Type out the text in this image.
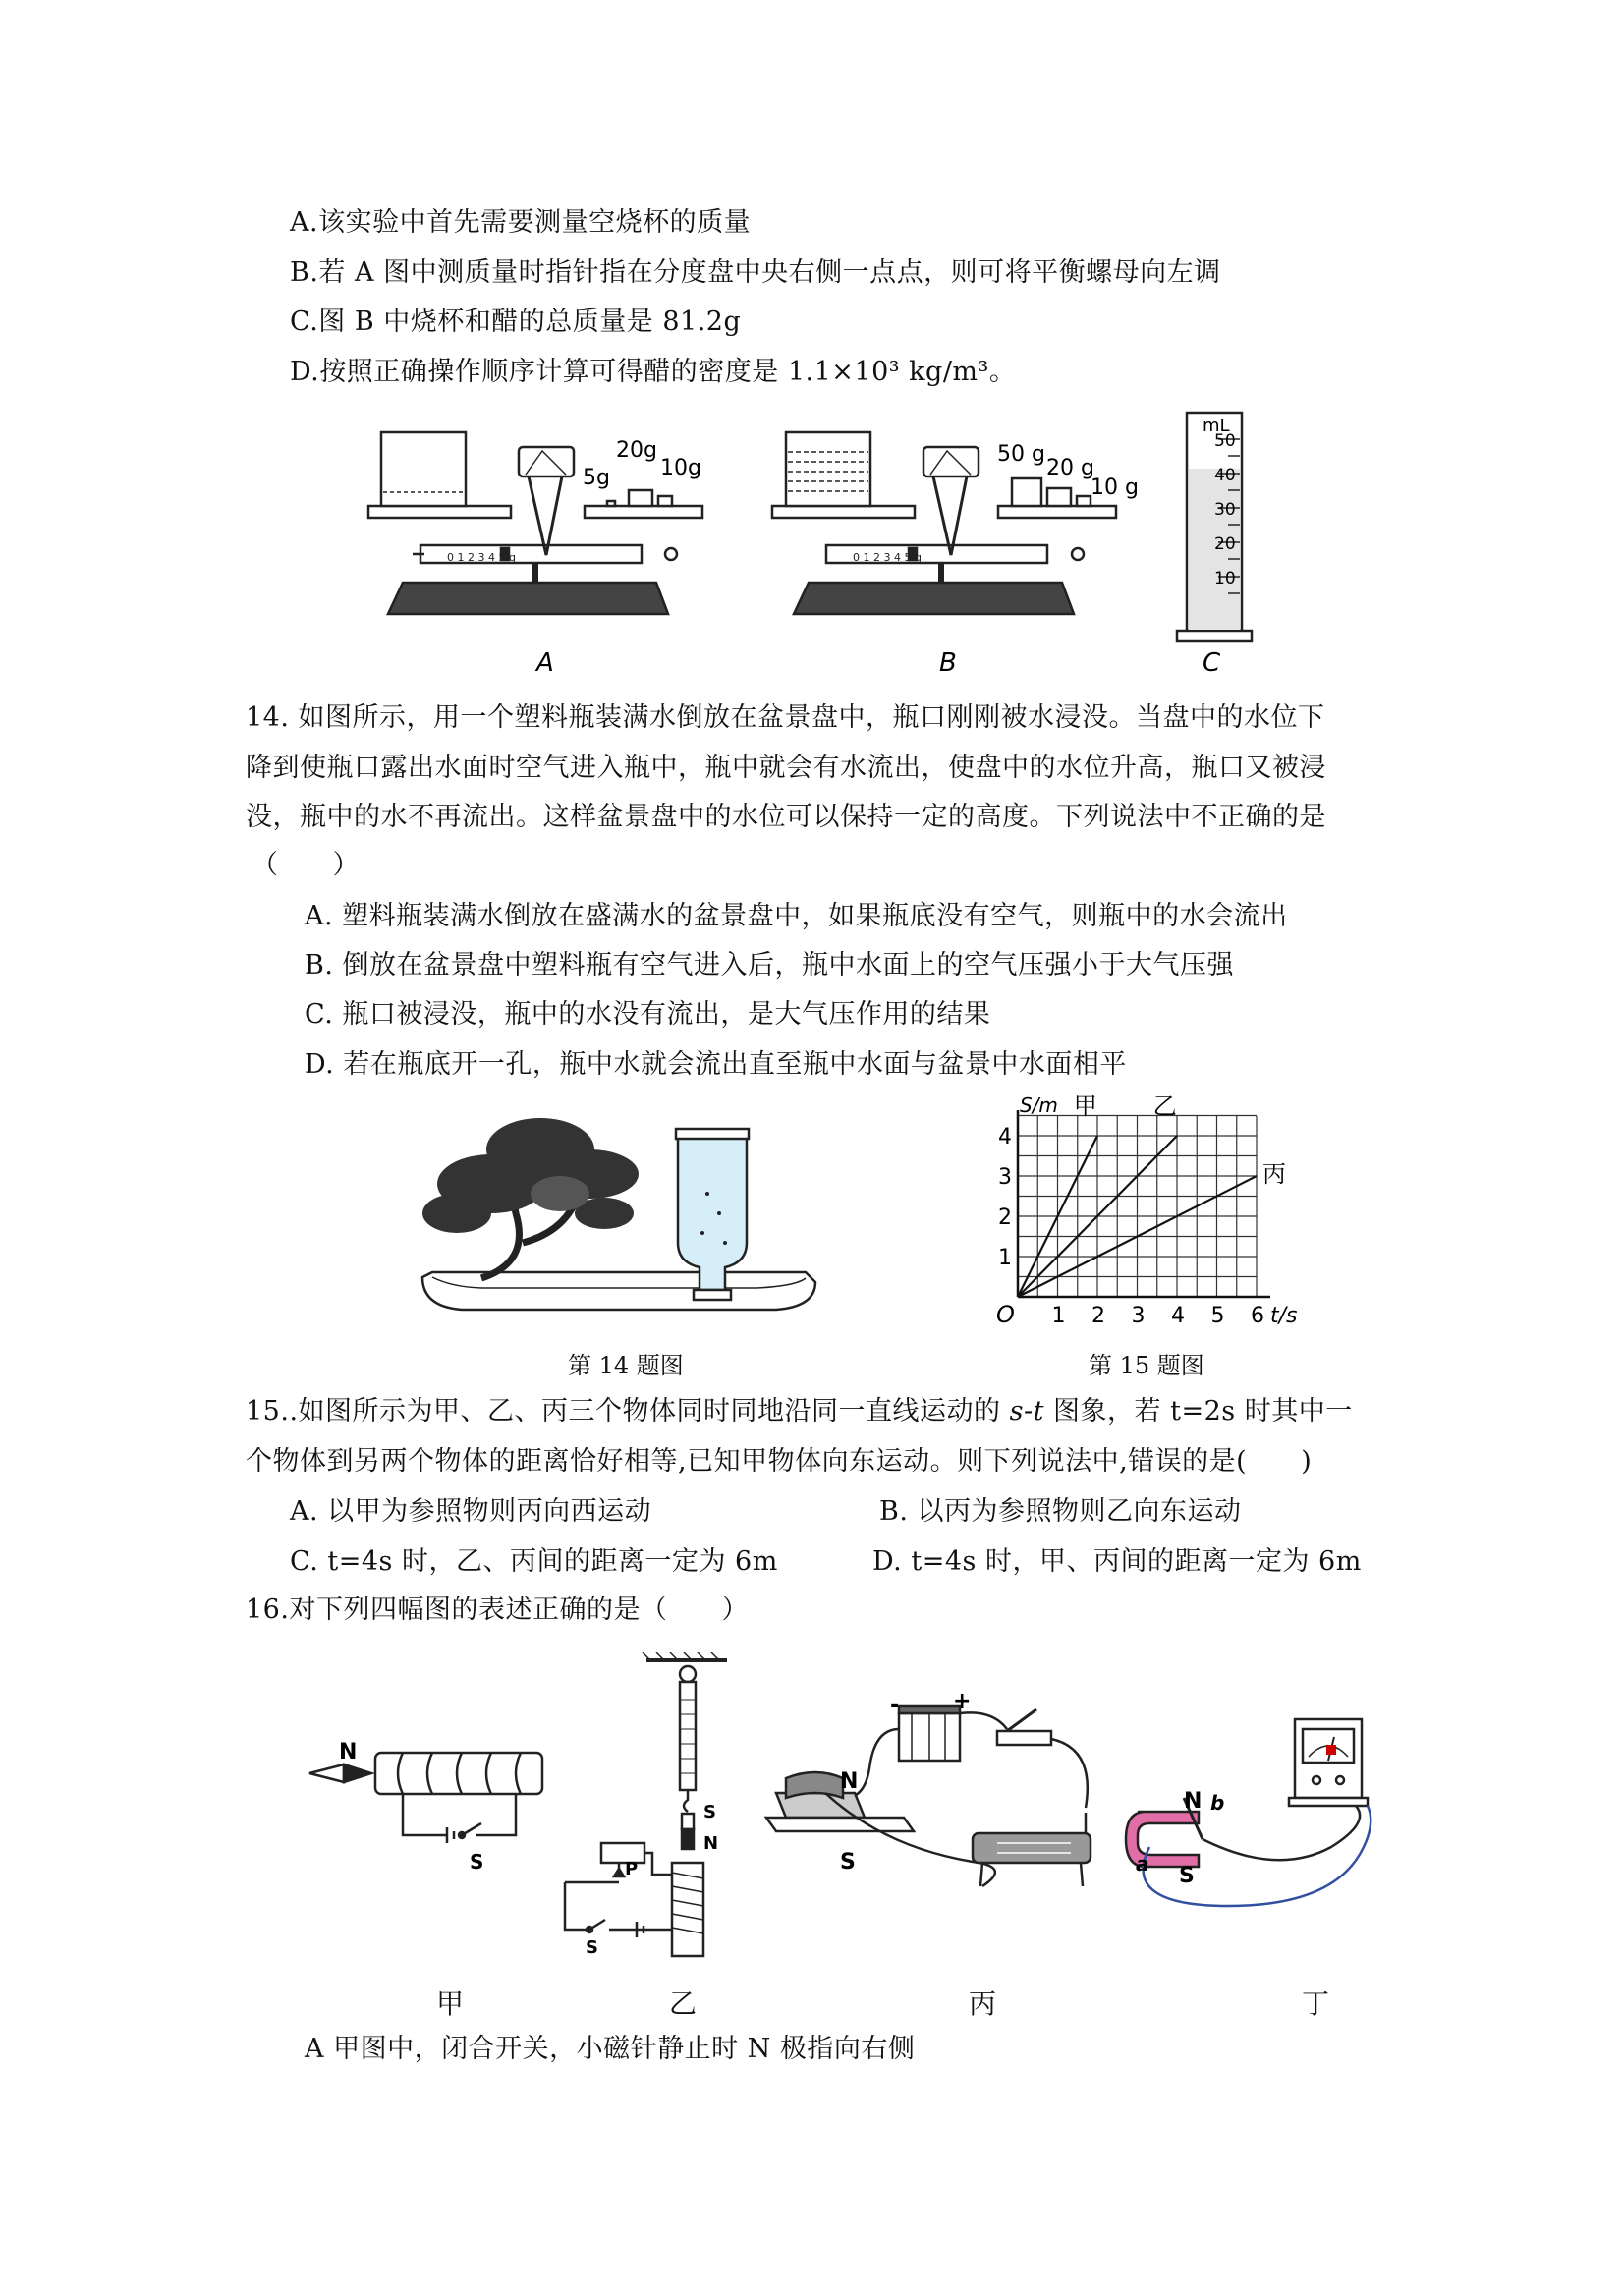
A.该实验中首先需要测量空烧杯的质量
B.若 A 图中测质量时指针指在分度盘中央右侧一点点，则可将平衡螺母向左调
C.图 B 中烧杯和醋的总质量是 81.2g
D.按照正确操作顺序计算可得醋的密度是 1.1×10³ kg/m³。
5g
20g
10g
0 1 2 3 4 5 g
50 g
20 g
10 g
0 1 2 3 4 5 g
mL
50
40
30
20
10
A	B	C
14. 如图所示，用一个塑料瓶装满水倒放在盆景盘中，瓶口刚刚被水浸没。当盘中的水位下
降到使瓶口露出水面时空气进入瓶中，瓶中就会有水流出，使盘中的水位升高，瓶口又被浸
没，瓶中的水不再流出。这样盆景盘中的水位可以保持一定的高度。下列说法中不正确的是
（　　）
A. 塑料瓶装满水倒放在盛满水的盆景盘中，如果瓶底没有空气，则瓶中的水会流出
B. 倒放在盆景盘中塑料瓶有空气进入后，瓶中水面上的空气压强小于大气压强
C. 瓶口被浸没，瓶中的水没有流出，是大气压作用的结果
D. 若在瓶底开一孔，瓶中水就会流出直至瓶中水面与盆景中水面相平
第 14 题图
1 2 3 4 5 6
1
2
3
4
O
S/m
t/s
甲 乙
丙
第 15 题图
15..如图所示为甲、乙、丙三个物体同时同地沿同一直线运动的 s-t 图象，若 t=2s 时其中一
个物体到另两个物体的距离恰好相等,已知甲物体向东运动。则下列说法中,错误的是(　　)
A. 以甲为参照物则丙向西运动	B. 以丙为参照物则乙向东运动
C. t=4s 时，乙、丙间的距离一定为 6m	D. t=4s 时，甲、丙间的距离一定为 6m
16.对下列四幅图的表述正确的是（　　）
N
S
S
N
P
S
N
S
- +
N b
a S
甲	乙	丙	丁
A 甲图中，闭合开关，小磁针静止时 N 极指向右侧
